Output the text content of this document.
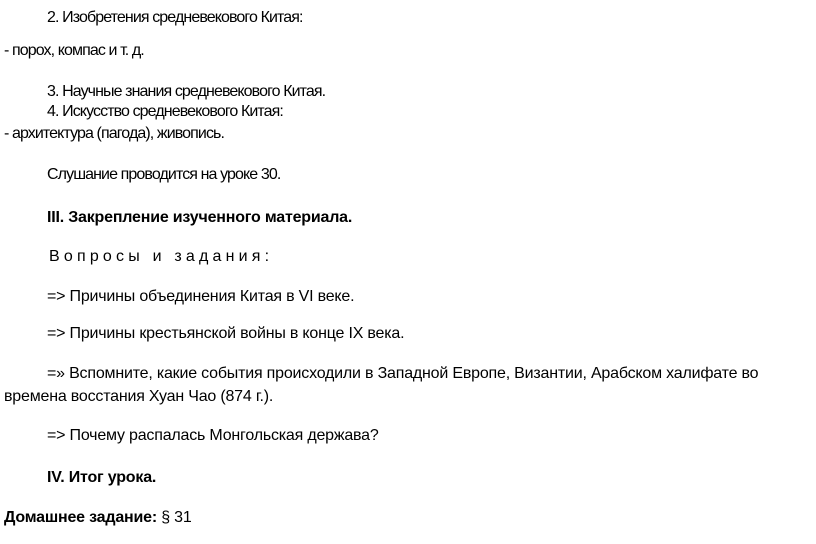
2. Изобретения средневекового Китая:
- порох, компас и т. д.
3. Научные знания средневекового Китая.
4. Искусство средневекового Китая:
- архитектура (пагода), живопись.
Слушание проводится на уроке 30.
III. Закрепление изученного материала.
Вопросы и задания:
=> Причины объединения Китая в VI веке.
=> Причины крестьянской войны в конце IX века.
=» Вспомните, какие события происходили в Западной Европе, Византии, Арабском халифате во
времена восстания Хуан Чао (874 г.).
=> Почему распалась Монгольская держава?
IV. Итог урока.
Домашнее задание: § 31
